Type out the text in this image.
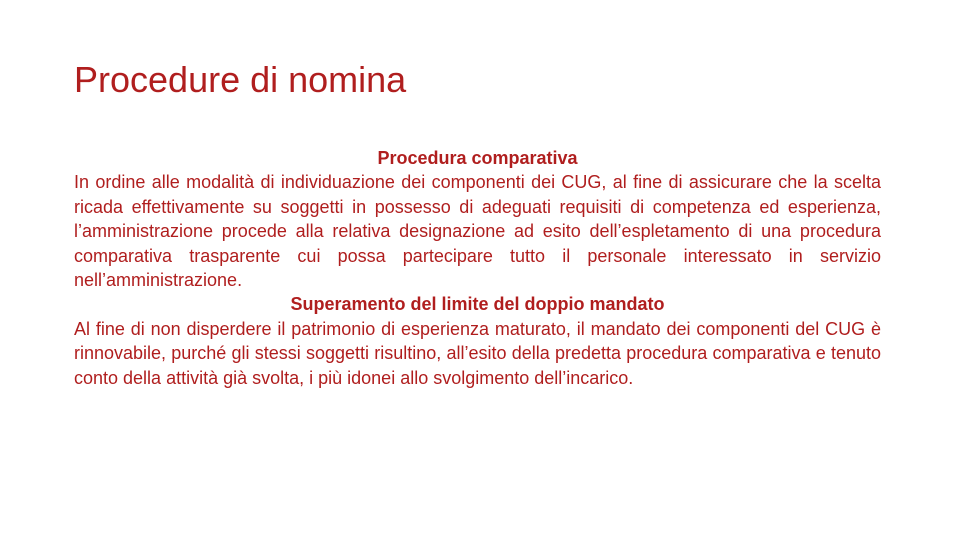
Procedure di nomina

Procedura comparativa

In ordine alle modalità di individuazione dei componenti dei CUG, al fine di assicurare che la scelta ricada effettivamente su soggetti in possesso di adeguati requisiti di competenza ed esperienza, l’amministrazione procede alla relativa designazione ad esito dell’espletamento di una procedura comparativa trasparente cui possa partecipare tutto il personale interessato in servizio nell’amministrazione.

Superamento del limite del doppio mandato

Al fine di non disperdere il patrimonio di esperienza maturato, il mandato dei componenti del CUG è rinnovabile, purché gli stessi soggetti risultino, all’esito della predetta procedura comparativa e tenuto conto della attività già svolta, i più idonei allo svolgimento dell’incarico.
